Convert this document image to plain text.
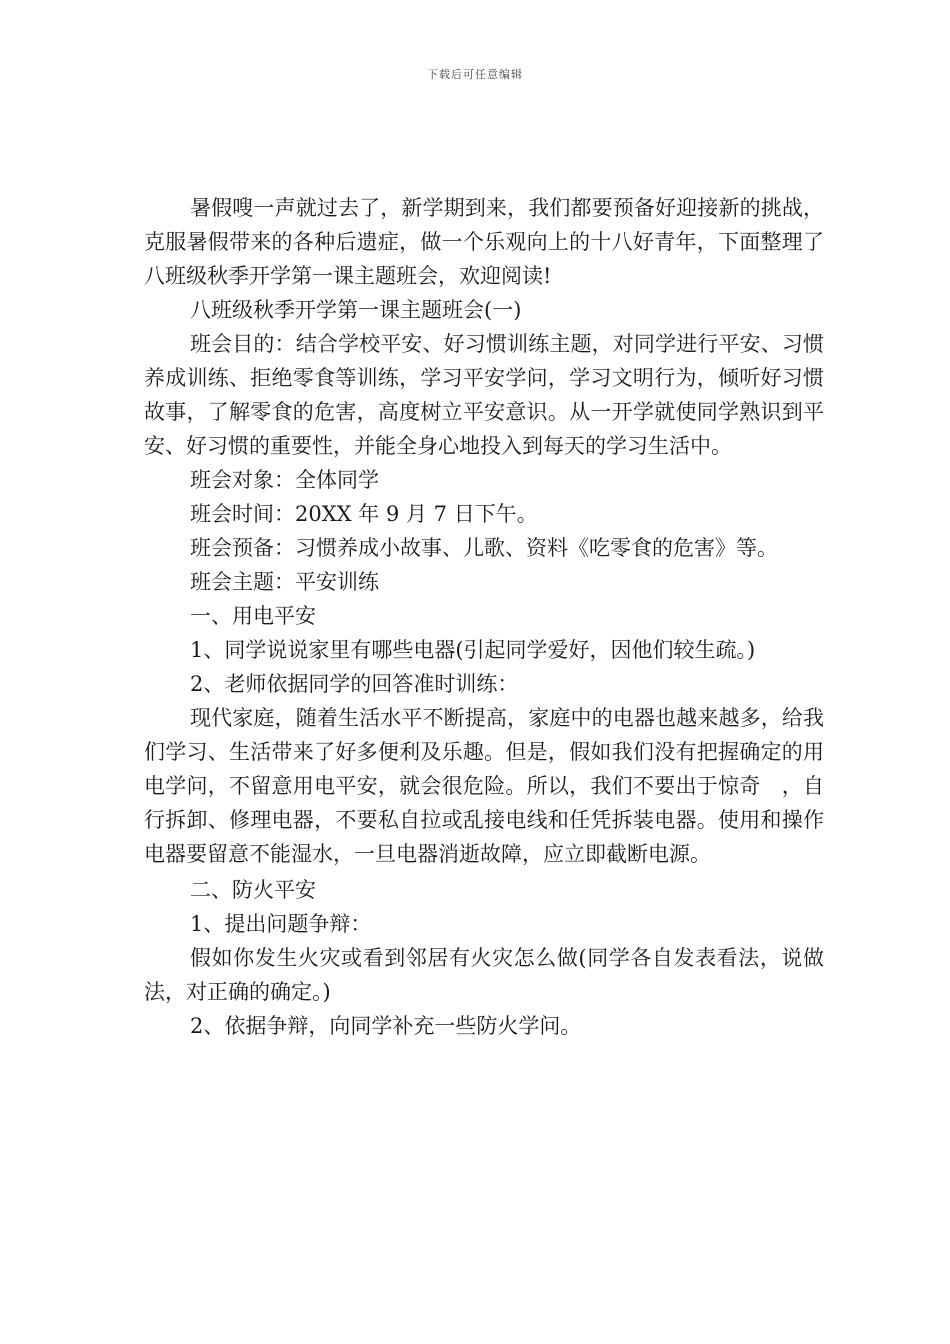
下载后可任意编辑

暑假嗖一声就过去了，新学期到来，我们都要预备好迎接新的挑战，克服暑假带来的各种后遗症，做一个乐观向上的十八好青年，下面整理了八班级秋季开学第一课主题班会，欢迎阅读!

八班级秋季开学第一课主题班会(一)

班会目的：结合学校平安、好习惯训练主题，对同学进行平安、习惯养成训练、拒绝零食等训练，学习平安学问，学习文明行为，倾听好习惯故事，了解零食的危害，高度树立平安意识。从一开学就使同学熟识到平安、好习惯的重要性，并能全身心地投入到每天的学习生活中。

班会对象：全体同学

班会时间：20XX 年 9 月 7 日下午。

班会预备：习惯养成小故事、儿歌、资料《吃零食的危害》等。

班会主题：平安训练

一、用电平安

1、同学说说家里有哪些电器(引起同学爱好，因他们较生疏。)

2、老师依据同学的回答准时训练：

现代家庭，随着生活水平不断提高，家庭中的电器也越来越多，给我们学习、生活带来了好多便利及乐趣。但是，假如我们没有把握确定的用电学问，不留意用电平安，就会很危险。所以，我们不要出于惊奇　，自行拆卸、修理电器，不要私自拉或乱接电线和任凭拆装电器。使用和操作电器要留意不能湿水，一旦电器消逝故障，应立即截断电源。

二、防火平安

1、提出问题争辩：

假如你发生火灾或看到邻居有火灾怎么做(同学各自发表看法，说做法，对正确的确定。)

2、依据争辩，向同学补充一些防火学问。
